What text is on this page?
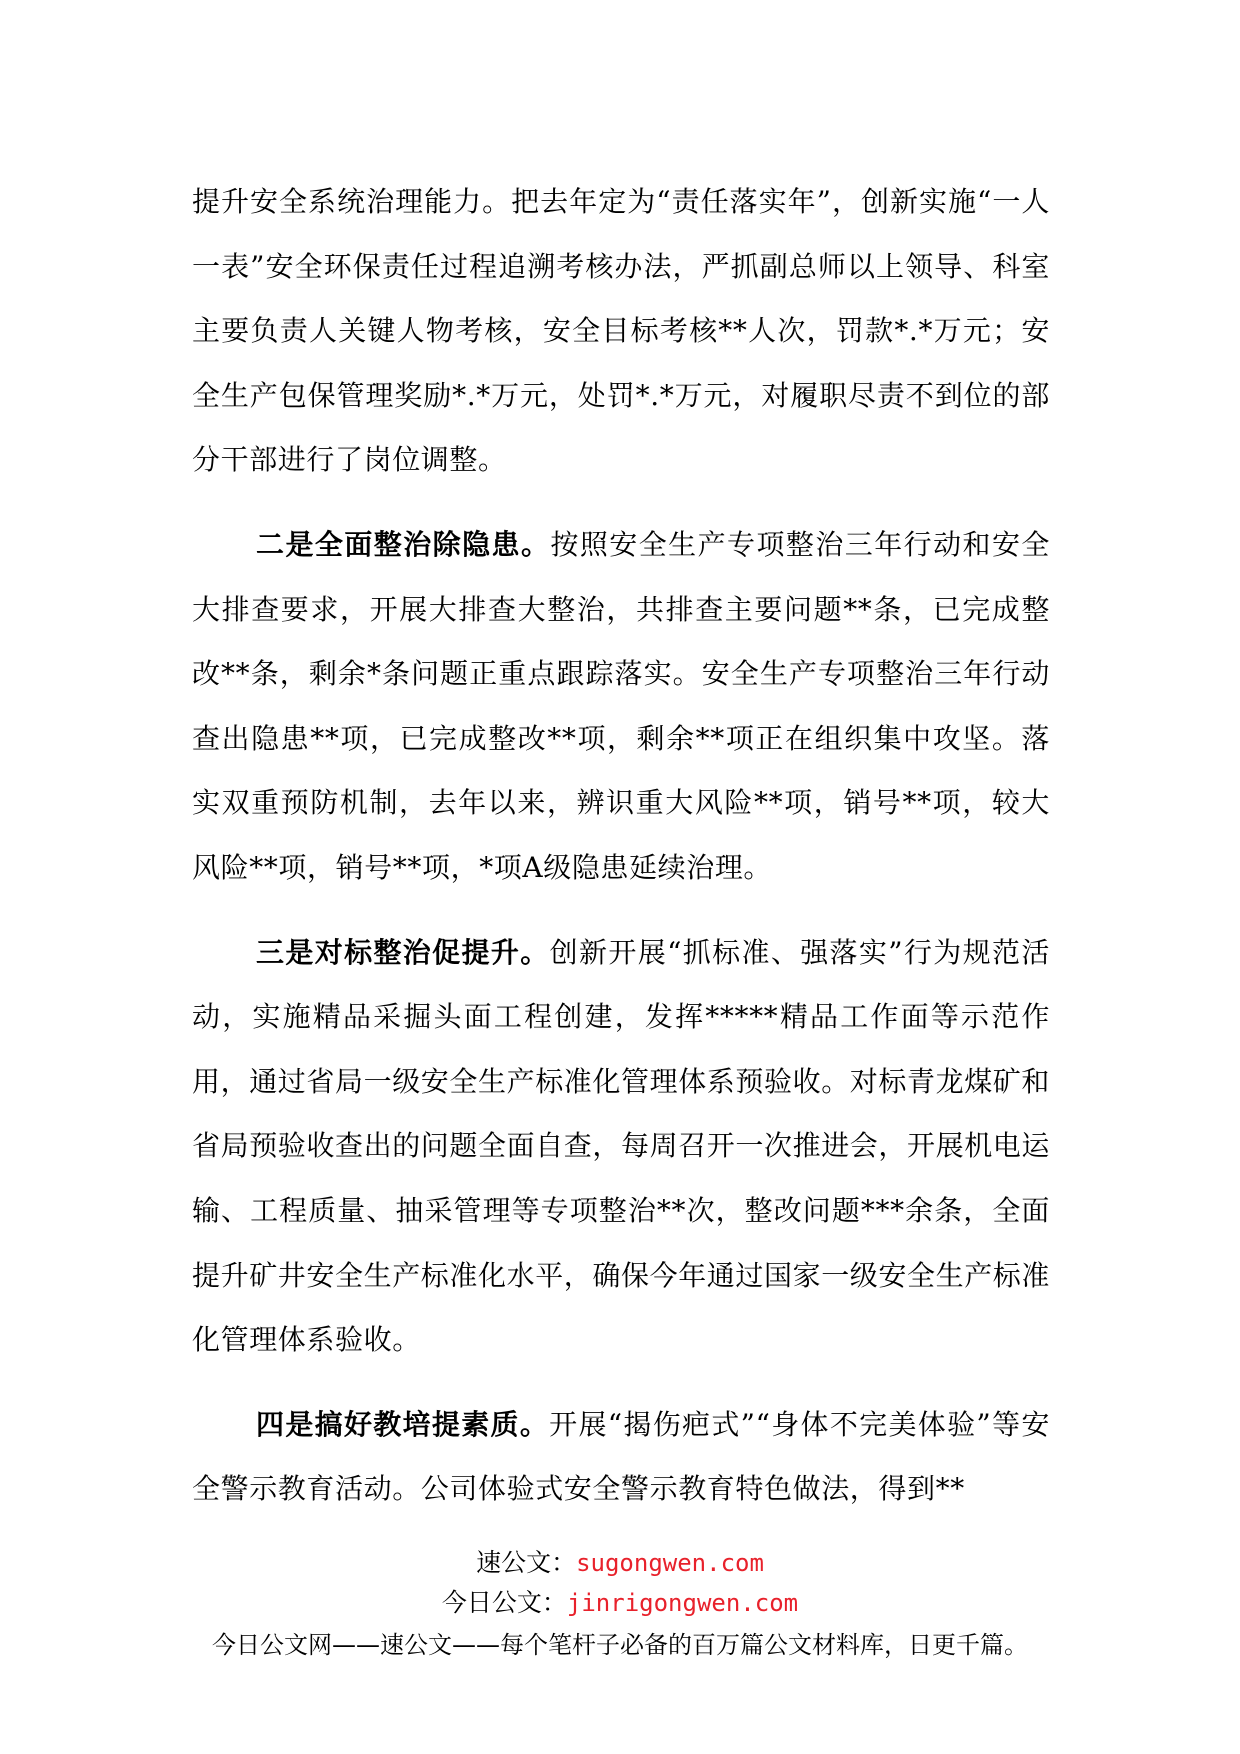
提升安全系统治理能力。把去年定为“责任落实年”，创新实施“一人一表”安全环保责任过程追溯考核办法，严抓副总师以上领导、科室主要负责人关键人物考核，安全目标考核**人次，罚款*.*万元；安全生产包保管理奖励*.*万元，处罚*.*万元，对履职尽责不到位的部分干部进行了岗位调整。

二是全面整治除隐患。按照安全生产专项整治三年行动和安全大排查要求，开展大排查大整治，共排查主要问题**条，已完成整改**条，剩余*条问题正重点跟踪落实。安全生产专项整治三年行动查出隐患**项，已完成整改**项，剩余**项正在组织集中攻坚。落实双重预防机制，去年以来，辨识重大风险**项，销号**项，较大风险**项，销号**项，*项A级隐患延续治理。

三是对标整治促提升。创新开展“抓标准、强落实”行为规范活动，实施精品采掘头面工程创建，发挥*****精品工作面等示范作用，通过省局一级安全生产标准化管理体系预验收。对标青龙煤矿和省局预验收查出的问题全面自查，每周召开一次推进会，开展机电运输、工程质量、抽采管理等专项整治**次，整改问题***余条，全面提升矿井安全生产标准化水平，确保今年通过国家一级安全生产标准化管理体系验收。

四是搞好教培提素质。开展“揭伤疤式”“身体不完美体验”等安全警示教育活动。公司体验式安全警示教育特色做法，得到**

速公文：sugongwen.com
今日公文：jinrigongwen.com
今日公文网——速公文——每个笔杆子必备的百万篇公文材料库，日更千篇。
